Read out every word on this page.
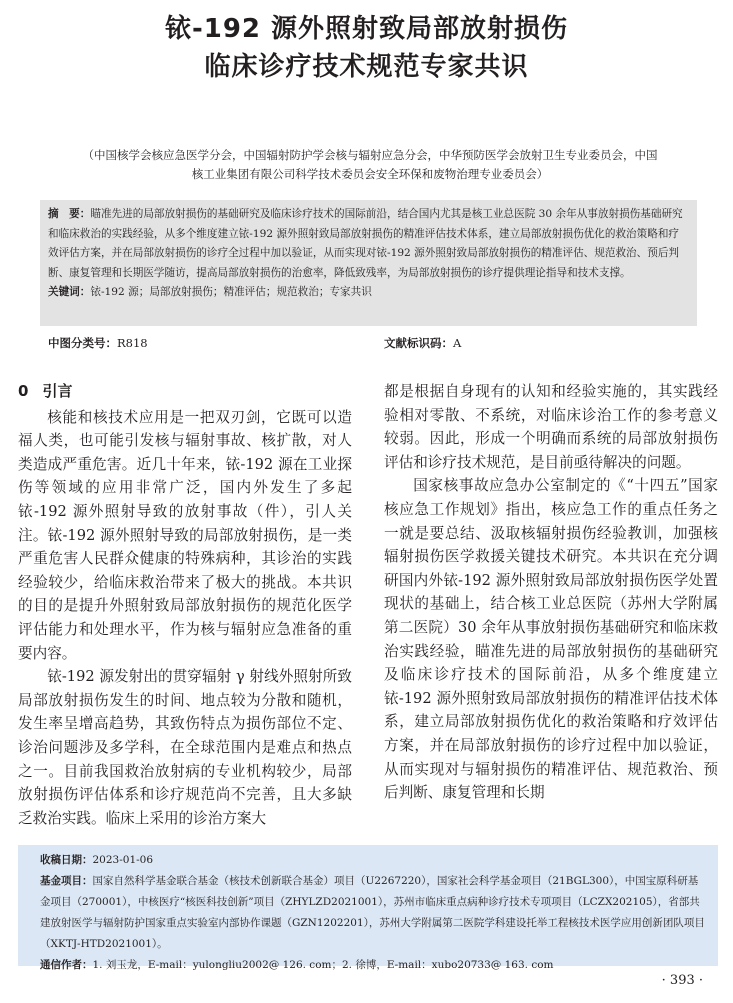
铱-192 源外照射致局部放射损伤
临床诊疗技术规范专家共识
（中国核学会核应急医学分会，中国辐射防护学会核与辐射应急分会，中华预防医学会放射卫生专业委员会，中国
核工业集团有限公司科学技术委员会安全环保和废物治理专业委员会）

摘　要：瞄准先进的局部放射损伤的基础研究及临床诊疗技术的国际前沿，结合国内尤其是核工业总医院 30 余年从事放射损伤基础研究和临床救治的实践经验，从多个维度建立铱-192 源外照射致局部放射损伤的精准评估技术体系，建立局部放射损伤优化的救治策略和疗效评估方案，并在局部放射损伤的诊疗全过程中加以验证，从而实现对铱-192 源外照射致局部放射损伤的精准评估、规范救治、预后判断、康复管理和长期医学随访，提高局部放射损伤的治愈率，降低致残率，为局部放射损伤的诊疗提供理论指导和技术支撑。

关键词：铱-192 源；局部放射损伤；精准评估；规范救治；专家共识

中图分类号：R818	文献标识码：A
0 引言

核能和核技术应用是一把双刃剑，它既可以造福人类，也可能引发核与辐射事故、核扩散，对人类造成严重危害。近几十年来，铱-192 源在工业探伤等领域的应用非常广泛，国内外发生了多起铱-192 源外照射导致的放射事故（件），引人关注。铱-192 源外照射导致的局部放射损伤，是一类严重危害人民群众健康的特殊病种，其诊治的实践经验较少，给临床救治带来了极大的挑战。本共识的目的是提升外照射致局部放射损伤的规范化医学评估能力和处理水平，作为核与辐射应急准备的重要内容。

铱-192 源发射出的贯穿辐射 γ 射线外照射所致局部放射损伤发生的时间、地点较为分散和随机，发生率呈增高趋势，其致伤特点为损伤部位不定、诊治问题涉及多学科，在全球范围内是难点和热点之一。目前我国救治放射病的专业机构较少，局部放射损伤评估体系和诊疗规范尚不完善，且大多缺乏救治实践。临床上采用的诊治方案大

都是根据自身现有的认知和经验实施的，其实践经验相对零散、不系统，对临床诊治工作的参考意义较弱。因此，形成一个明确而系统的局部放射损伤评估和诊疗技术规范，是目前亟待解决的问题。

国家核事故应急办公室制定的《“十四五”国家核应急工作规划》指出，核应急工作的重点任务之一就是要总结、汲取核辐射损伤经验教训，加强核辐射损伤医学救援关键技术研究。本共识在充分调研国内外铱-192 源外照射致局部放射损伤医学处置现状的基础上，结合核工业总医院（苏州大学附属第二医院）30 余年从事放射损伤基础研究和临床救治实践经验，瞄准先进的局部放射损伤的基础研究及临床诊疗技术的国际前沿，从多个维度建立铱-192 源外照射致局部放射损伤的精准评估技术体系，建立局部放射损伤优化的救治策略和疗效评估方案，并在局部放射损伤的诊疗过程中加以验证，从而实现对与辐射损伤的精准评估、规范救治、预后判断、康复管理和长期

收稿日期：2023-01-06

基金项目：国家自然科学基金联合基金（核技术创新联合基金）项目（U2267220），国家社会科学基金项目（21BGL300），中国宝原科研基金项目（270001），中核医疗“核医科技创新”项目（ZHYLZD2021001），苏州市临床重点病种诊疗技术专项项目（LCZX202105），省部共建放射医学与辐射防护国家重点实验室内部协作课题（GZN1202201），苏州大学附属第二医院学科建设托举工程核技术医学应用创新团队项目（XKTJ-HTD2021001）。

通信作者：1. 刘玉龙，E-mail：yulongliu2002@ 126. com；2. 徐博，E-mail：xubo20733@ 163. com

· 393 ·
